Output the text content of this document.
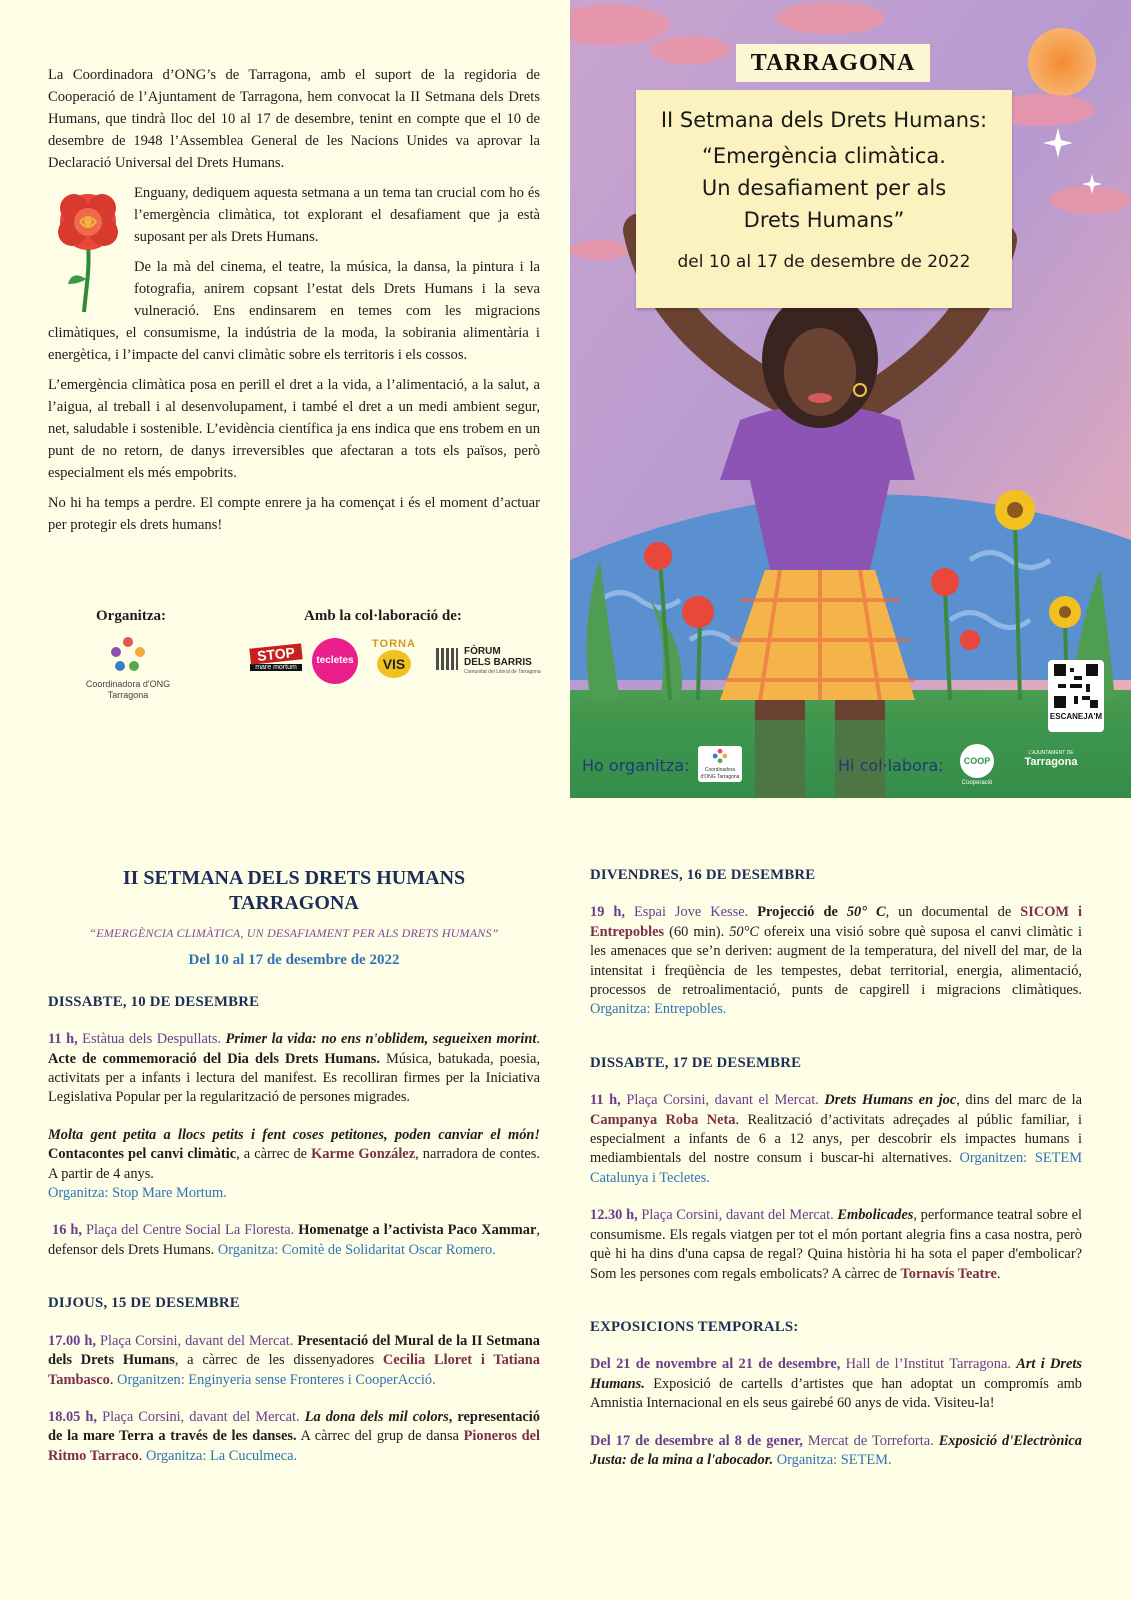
La Coordinadora d’ONG’s de Tarragona, amb el suport de la regidoria de Cooperació de l’Ajuntament de Tarragona, hem convocat la II Setmana dels Drets Humans, que tindrà lloc del 10 al 17 de desembre, tenint en compte que el 10 de desembre de 1948 l’Assemblea General de les Nacions Unides va aprovar la Declaració Universal del Drets Humans.

Enguany, dediquem aquesta setmana a un tema tan crucial com ho és l’emergència climàtica, tot explorant el desafiament que ja està suposant per als Drets Humans.

De la mà del cinema, el teatre, la música, la dansa, la pintura i la fotografia, anirem copsant l’estat dels Drets Humans i la seva vulneració. Ens endinsarem en temes com les migracions climàtiques, el consumisme, la indústria de la moda, la sobirania alimentària i energètica, i l’impacte del canvi climàtic sobre els territoris i els cossos.

L’emergència climàtica posa en perill el dret a la vida, a l’alimentació, a la salut, a l’aigua, al treball i al desenvolupament, i també el dret a un medi ambient segur, net, saludable i sostenible. L’evidència científica ja ens indica que ens trobem en un punt de no retorn, de danys irreversibles que afectaran a tots els països, però especialment els més empobrits.

No hi ha temps a perdre. El compte enrere ja ha començat i és el moment d’actuar per protegir els drets humans!

Organitza:	Amb la col·laboració de:
Coordinadora d'ONG
Tarragona
STOP
mare mortum
tecletes
TORNA
VIS
FÒRUM
DELS BARRIS
Comunitat del Litoral de Tarragona
TARRAGONA
II Setmana dels Drets Humans:
“Emergència climàtica.
Un desafiament per als
Drets Humans”
del 10 al 17 de desembre de 2022
ESCANEJA'M
Ho organitza:	Coordinadora d'ONG Tarragona
Hi col·labora:	COOP
Cooperació
L'AJUNTAMENT DE
Tarragona
II SETMANA DELS DRETS HUMANS
TARRAGONA
“EMERGÈNCIA CLIMÀTICA, UN DESAFIAMENT PER ALS DRETS HUMANS”
Del 10 al 17 de desembre de 2022
DISSABTE, 10 DE DESEMBRE

11 h, Estàtua dels Despullats. Primer la vida: no ens n'oblidem, segueixen morint. Acte de commemoració del Dia dels Drets Humans. Música, batukada, poesia, activitats per a infants i lectura del manifest. Es recolliran firmes per la Iniciativa Legislativa Popular per la regularització de persones migrades.

Molta gent petita a llocs petits i fent coses petitones, poden canviar el món! Contacontes pel canvi climàtic, a càrrec de Karme González, narradora de contes. A partir de 4 anys.
Organitza: Stop Mare Mortum.

16 h, Plaça del Centre Social La Floresta. Homenatge a l’activista Paco Xammar, defensor dels Drets Humans. Organitza: Comitè de Solidaritat Oscar Romero.

DIJOUS, 15 DE DESEMBRE

17.00 h, Plaça Corsini, davant del Mercat. Presentació del Mural de la II Setmana dels Drets Humans, a càrrec de les dissenyadores Cecilia Lloret i Tatiana Tambasco. Organitzen: Enginyeria sense Fronteres i CooperAcció.

18.05 h, Plaça Corsini, davant del Mercat. La dona dels mil colors, representació de la mare Terra a través de les danses. A càrrec del grup de dansa Pioneros del Ritmo Tarraco. Organitza: La Cuculmeca.

DIVENDRES, 16 DE DESEMBRE

19 h, Espai Jove Kesse. Projecció de 50° C, un documental de SICOM i Entrepobles (60 min). 50°C ofereix una visió sobre què suposa el canvi climàtic i les amenaces que se’n deriven: augment de la temperatura, del nivell del mar, de la intensitat i freqüència de les tempestes, debat territorial, energia, alimentació, processos de retroalimentació, punts de capgirell i migracions climàtiques. Organitza: Entrepobles.

DISSABTE, 17 DE DESEMBRE

11 h, Plaça Corsini, davant el Mercat. Drets Humans en joc, dins del marc de la Campanya Roba Neta. Realització d’activitats adreçades al públic familiar, i especialment a infants de 6 a 12 anys, per descobrir els impactes humans i mediambientals del nostre consum i buscar-hi alternatives. Organitzen: SETEM Catalunya i Tecletes.

12.30 h, Plaça Corsini, davant del Mercat. Embolicades, performance teatral sobre el consumisme. Els regals viatgen per tot el món portant alegria fins a casa nostra, però què hi ha dins d'una capsa de regal? Quina història hi ha sota el paper d'embolicar? Som les persones com regals embolicats? A càrrec de Tornavís Teatre.

EXPOSICIONS TEMPORALS:

Del 21 de novembre al 21 de desembre, Hall de l’Institut Tarragona. Art i Drets Humans. Exposició de cartells d’artistes que han adoptat un compromís amb Amnistia Internacional en els seus gairebé 60 anys de vida. Visiteu-la!

Del 17 de desembre al 8 de gener, Mercat de Torreforta. Exposició d'Electrònica Justa: de la mina a l'abocador. Organitza: SETEM.
